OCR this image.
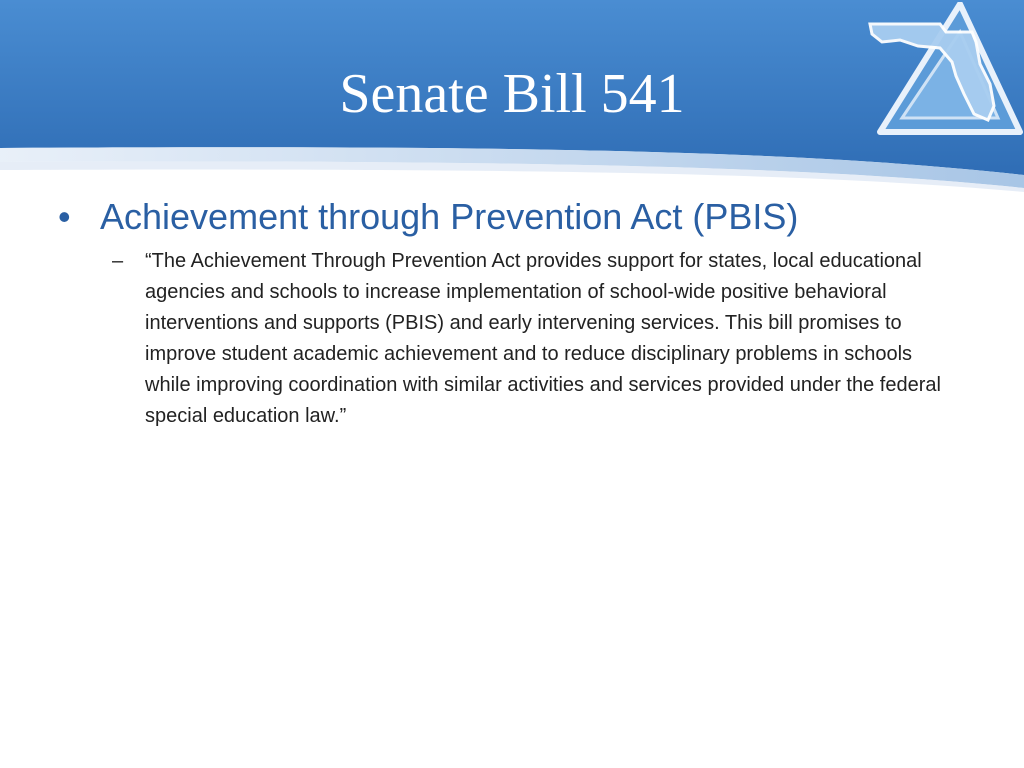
Senate Bill 541
• Achievement through Prevention Act (PBIS)
– “The Achievement Through Prevention Act provides support for states, local educational agencies and schools to increase implementation of school-wide positive behavioral interventions and supports (PBIS) and early intervening services. This bill promises to improve student academic achievement and to reduce disciplinary problems in schools while improving coordination with similar activities and services provided under the federal special education law.”
